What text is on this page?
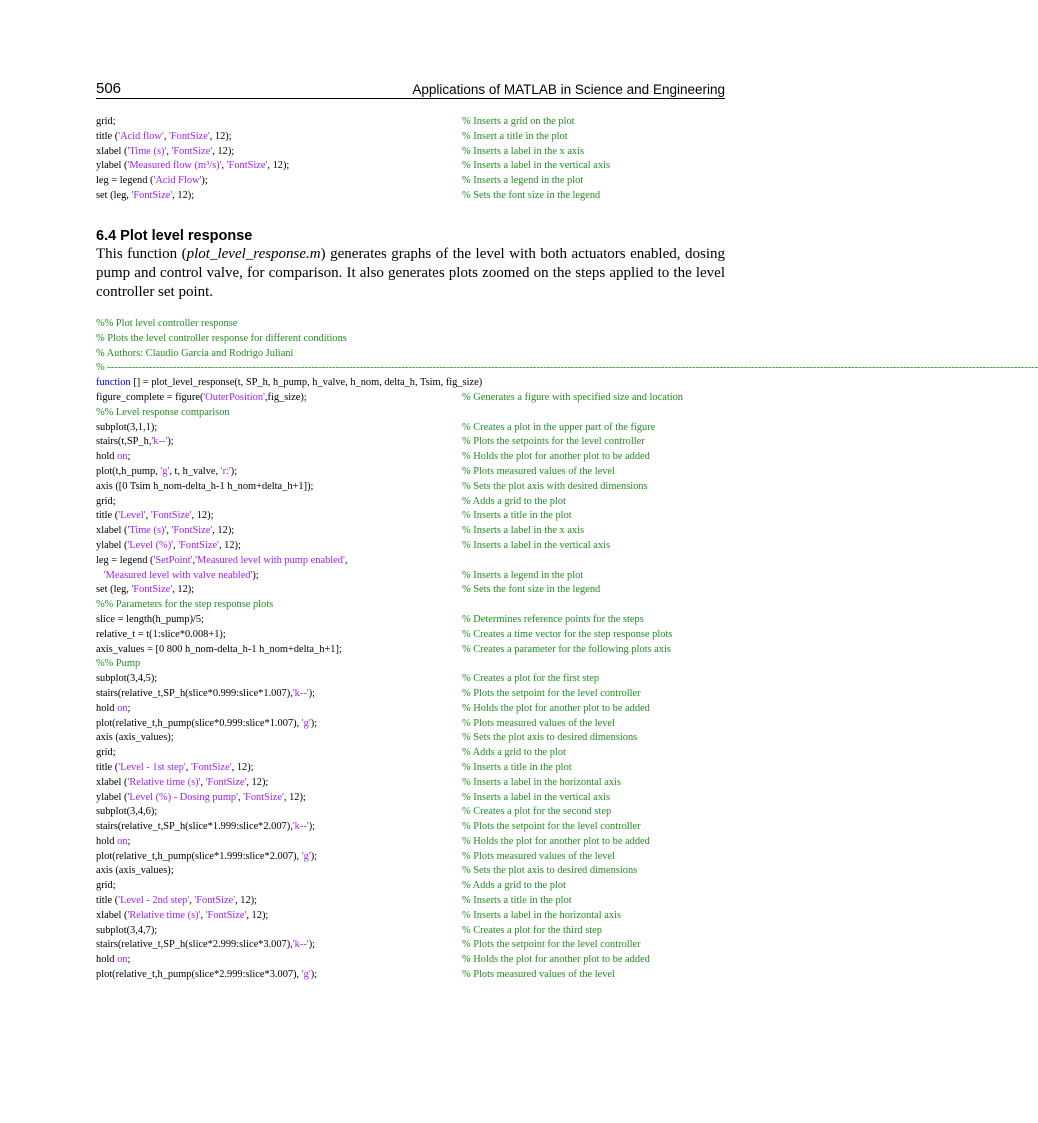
506	Applications of MATLAB in Science and Engineering
grid;	% Inserts a grid on the plot
title ('Acid flow', 'FontSize', 12);	% Insert a title in the plot
xlabel ('Time (s)', 'FontSize', 12);	% Inserts a label in the x axis
ylabel ('Measured flow (m³/s)', 'FontSize', 12);	% Inserts a label in the vertical axis
leg = legend ('Acid Flow');	% Inserts a legend in the plot
set (leg, 'FontSize', 12);	% Sets the font size in the legend
6.4 Plot level response
This function (plot_level_response.m) generates graphs of the level with both actuators enabled, dosing pump and control valve, for comparison. It also generates plots zoomed on the steps applied to the level controller set point.
%% Plot level controller response
% Plots the level controller response for different conditions
% Authors: Claudio Garcia and Rodrigo Juliani
% -----------------------------------------------------------------------------------------------------------------------------------------------------------------------------------------------------------------------------------------------------------------------------
function [] = plot_level_response(t, SP_h, h_pump, h_valve, h_nom, delta_h, Tsim, fig_size)
figure_complete = figure('OuterPosition',fig_size);	% Generates a figure with specified size and location
%% Level response comparison
subplot(3,1,1);	% Creates a plot in the upper part of the figure
stairs(t,SP_h,'k--');	% Plots the setpoints for the level controller
hold on;	% Holds the plot for another plot to be added
plot(t,h_pump, 'g', t, h_valve, 'r:');	% Plots measured values of the level
axis ([0 Tsim h_nom-delta_h-1 h_nom+delta_h+1]);	% Sets the plot axis with desired dimensions
grid;	% Adds a grid to the plot
title ('Level', 'FontSize', 12);	% Inserts a title in the plot
xlabel ('Time (s)', 'FontSize', 12);	% Inserts a label in the x axis
ylabel ('Level (%)', 'FontSize', 12);	% Inserts a label in the vertical axis
leg = legend ('SetPoint','Measured level with pump enabled',
'Measured level with valve neabled');	% Inserts a legend in the plot
set (leg, 'FontSize', 12);	% Sets the font size in the legend
%% Parameters for the step response plots
slice = length(h_pump)/5;	% Determines reference points for the steps
relative_t = t(1:slice*0.008+1);	% Creates a time vector for the step response plots
axis_values = [0 800 h_nom-delta_h-1 h_nom+delta_h+1];	% Creates a parameter for the following plots axis
%% Pump
subplot(3,4,5);	% Creates a plot for the first step
stairs(relative_t,SP_h(slice*0.999:slice*1.007),'k--');	% Plots the setpoint for the level controller
hold on;	% Holds the plot for another plot to be added
plot(relative_t,h_pump(slice*0.999:slice*1.007), 'g');	% Plots measured values of the level
axis (axis_values);	% Sets the plot axis to desired dimensions
grid;	% Adds a grid to the plot
title ('Level - 1st step', 'FontSize', 12);	% Inserts a title in the plot
xlabel ('Relative time (s)', 'FontSize', 12);	% Inserts a label in the horizontal axis
ylabel ('Level (%) - Dosing pump', 'FontSize', 12);	% Inserts a label in the vertical axis
subplot(3,4,6);	% Creates a plot for the second step
stairs(relative_t,SP_h(slice*1.999:slice*2.007),'k--');	% Plots the setpoint for the level controller
hold on;	% Holds the plot for another plot to be added
plot(relative_t,h_pump(slice*1.999:slice*2.007), 'g');	% Plots measured values of the level
axis (axis_values);	% Sets the plot axis to desired dimensions
grid;	% Adds a grid to the plot
title ('Level - 2nd step', 'FontSize', 12);	% Inserts a title in the plot
xlabel ('Relative time (s)', 'FontSize', 12);	% Inserts a label in the horizontal axis
subplot(3,4,7);	% Creates a plot for the third step
stairs(relative_t,SP_h(slice*2.999:slice*3.007),'k--');	% Plots the setpoint for the level controller
hold on;	% Holds the plot for another plot to be added
plot(relative_t,h_pump(slice*2.999:slice*3.007), 'g');	% Plots measured values of the level
